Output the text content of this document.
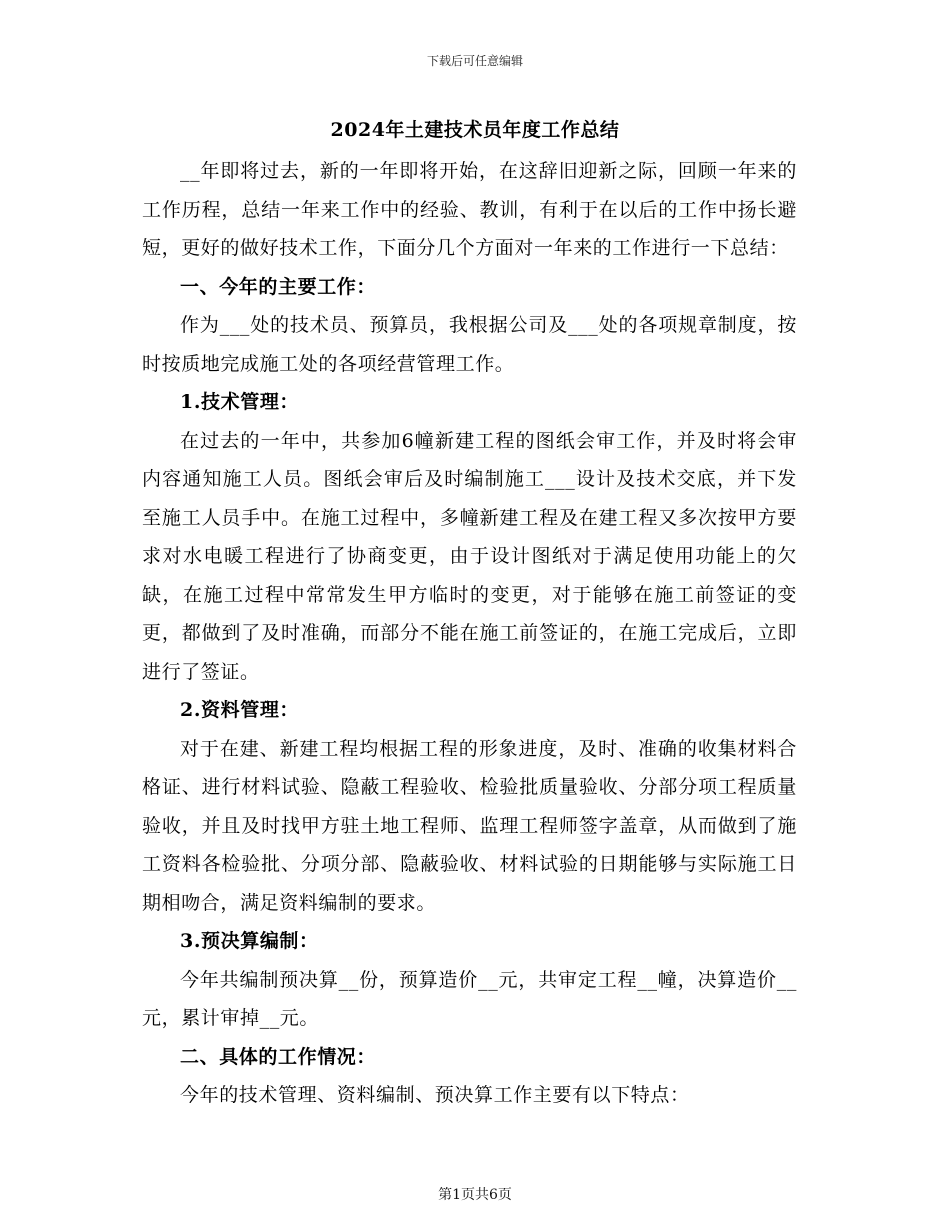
下载后可任意编辑
2024年土建技术员年度工作总结

__年即将过去，新的一年即将开始，在这辞旧迎新之际，回顾一年来的工作历程，总结一年来工作中的经验、教训，有利于在以后的工作中扬长避短，更好的做好技术工作，下面分几个方面对一年来的工作进行一下总结：

一、今年的主要工作：

作为___处的技术员、预算员，我根据公司及___处的各项规章制度，按时按质地完成施工处的各项经营管理工作。

1.技术管理：

在过去的一年中，共参加6幢新建工程的图纸会审工作，并及时将会审内容通知施工人员。图纸会审后及时编制施工___设计及技术交底，并下发至施工人员手中。在施工过程中，多幢新建工程及在建工程又多次按甲方要求对水电暖工程进行了协商变更，由于设计图纸对于满足使用功能上的欠缺，在施工过程中常常发生甲方临时的变更，对于能够在施工前签证的变更，都做到了及时准确，而部分不能在施工前签证的，在施工完成后，立即进行了签证。

2.资料管理：

对于在建、新建工程均根据工程的形象进度，及时、准确的收集材料合格证、进行材料试验、隐蔽工程验收、检验批质量验收、分部分项工程质量验收，并且及时找甲方驻土地工程师、监理工程师签字盖章，从而做到了施工资料各检验批、分项分部、隐蔽验收、材料试验的日期能够与实际施工日期相吻合，满足资料编制的要求。

3.预决算编制：

今年共编制预决算__份，预算造价__元，共审定工程__幢，决算造价__元，累计审掉__元。

二、具体的工作情况：

今年的技术管理、资料编制、预决算工作主要有以下特点：

第1页共6页
